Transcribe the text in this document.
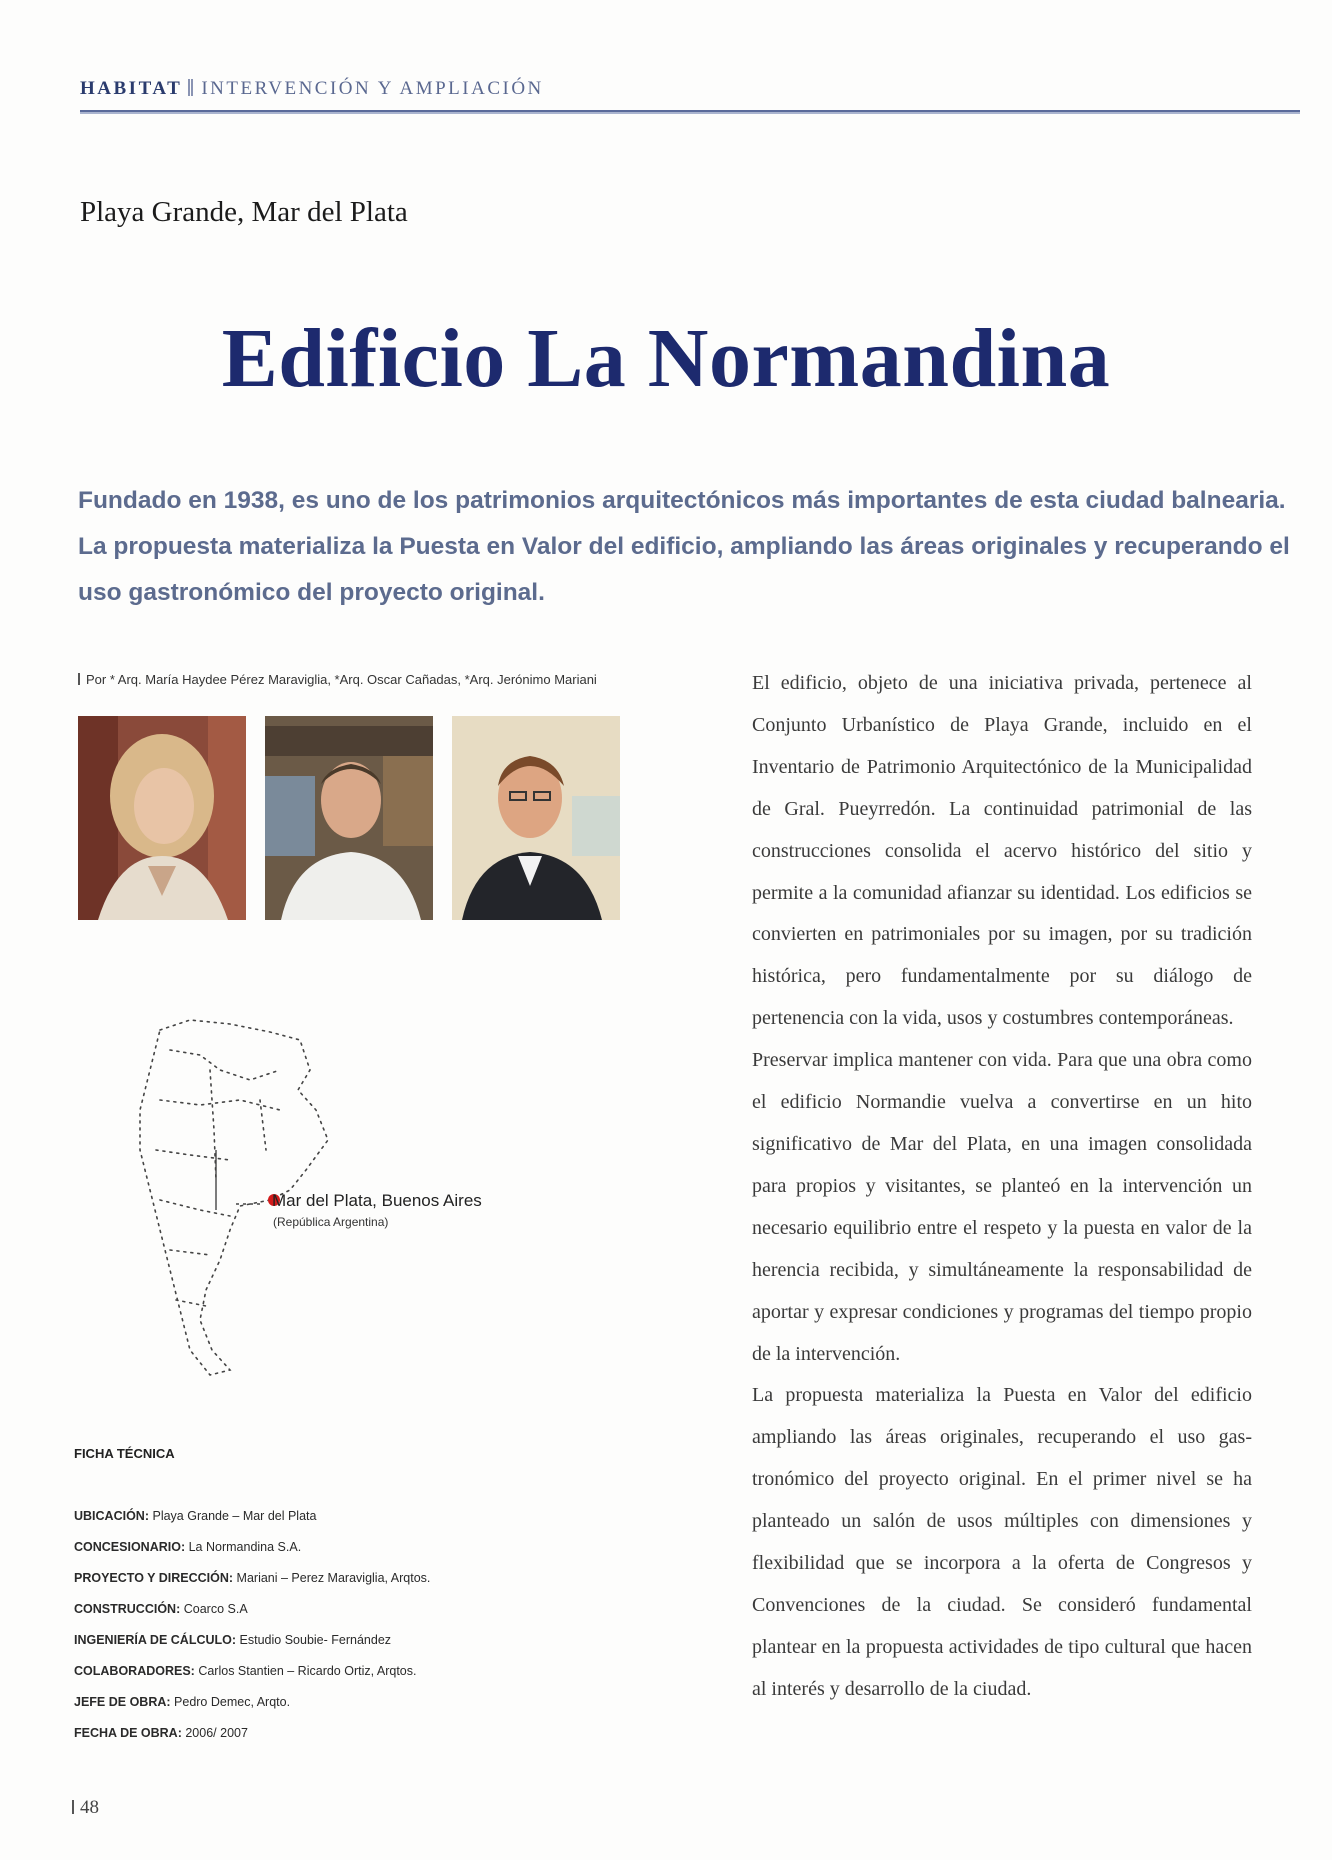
HABITAT INTERVENCIÓN Y AMPLIACIÓN
Playa Grande, Mar del Plata
Edificio La Normandina
Fundado en 1938, es uno de los patrimonios arquitectónicos más importantes de esta ciudad balnearia. La propuesta materializa la Puesta en Valor del edificio, ampliando las áreas originales y recuperando el uso gastronómico del proyecto original.
Por * Arq. María Haydee Pérez Maraviglia, *Arq. Oscar Cañadas, *Arq. Jerónimo Mariani
Mar del Plata, Buenos Aires
(República Argentina)
FICHA TÉCNICA
UBICACIÓN: Playa Grande – Mar del Plata
CONCESIONARIO: La Normandina S.A.
PROYECTO Y DIRECCIÓN: Mariani – Perez Maraviglia, Arqtos.
CONSTRUCCIÓN: Coarco S.A
INGENIERÍA DE CÁLCULO: Estudio Soubie- Fernández
COLABORADORES: Carlos Stantien – Ricardo Ortiz, Arqtos.
JEFE DE OBRA: Pedro Demec, Arqto.
FECHA DE OBRA: 2006/ 2007

El edificio, objeto de una iniciativa privada, pertenece al Conjunto Urbanístico de Playa Grande, incluido en el Inventario de Patrimonio Arquitectónico de la Municipalidad de Gral. Pueyrredón. La continuidad patrimonial de las construcciones consolida el acervo histórico del sitio y permite a la comunidad afianzar su identidad. Los edificios se convierten en patrimoniales por su imagen, por su tradición histórica, pero fundamentalmente por su diálogo de pertenencia con la vida, usos y costumbres contemporáneas.

Preservar implica mantener con vida. Para que una obra como el edificio Normandie vuelva a convertirse en un hito significativo de Mar del Plata, en una imagen consolidada para propios y visitantes, se planteó en la intervención un necesario equilibrio entre el respeto y la puesta en valor de la herencia recibida, y simultáneamente la responsabilidad de aportar y expresar condiciones y programas del tiempo propio de la intervención.

La propuesta materializa la Puesta en Valor del edificio ampliando las áreas originales, recuperando el uso gastronómico del proyecto original. En el primer nivel se ha planteado un salón de usos múltiples con dimensiones y flexibilidad que se incorpora a la oferta de Congresos y Convenciones de la ciudad. Se consideró fundamental plantear en la propuesta actividades de tipo cultural que hacen al interés y desarrollo de la ciudad.

48
